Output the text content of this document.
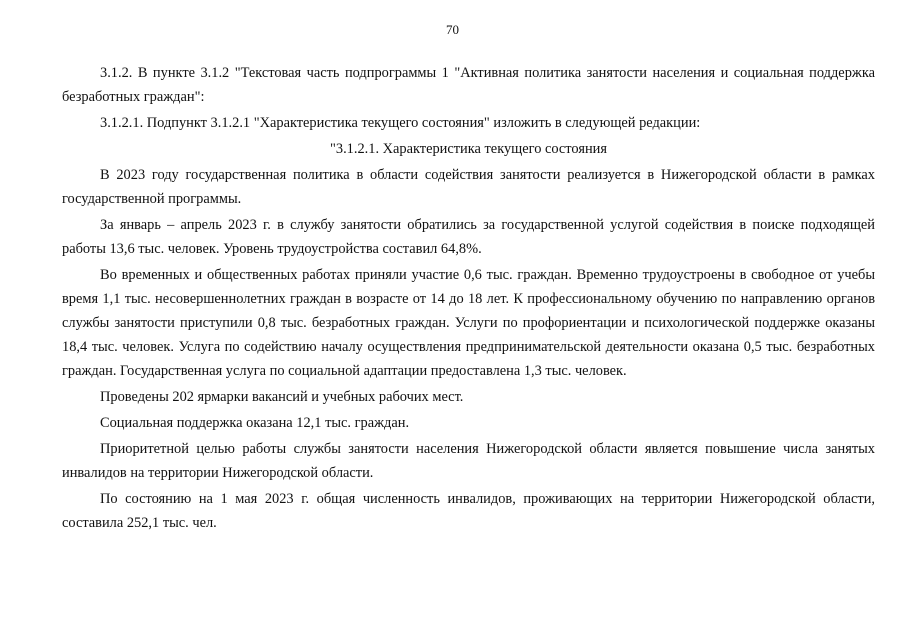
70

3.1.2. В пункте 3.1.2 "Текстовая часть подпрограммы 1 "Активная политика занятости населения и социальная поддержка безработных граждан":

3.1.2.1. Подпункт 3.1.2.1 "Характеристика текущего состояния" изложить в следующей редакции:

"3.1.2.1. Характеристика текущего состояния

В 2023 году государственная политика в области содействия занятости реализуется в Нижегородской области в рамках государственной программы.

За январь – апрель 2023 г. в службу занятости обратились за государственной услугой содействия в поиске подходящей работы 13,6 тыс. человек. Уровень трудоустройства составил 64,8%.

Во временных и общественных работах приняли участие 0,6 тыс. граждан. Временно трудоустроены в свободное от учебы время 1,1 тыс. несовершеннолетних граждан в возрасте от 14 до 18 лет. К профессиональному обучению по направлению органов службы занятости приступили 0,8 тыс. безработных граждан. Услуги по профориентации и психологической поддержке оказаны 18,4 тыс. человек. Услуга по содействию началу осуществления предпринимательской деятельности оказана 0,5 тыс. безработных граждан. Государственная услуга по социальной адаптации предоставлена 1,3 тыс. человек.

Проведены 202 ярмарки вакансий и учебных рабочих мест.

Социальная поддержка оказана 12,1 тыс. граждан.

Приоритетной целью работы службы занятости населения Нижегородской области является повышение числа занятых инвалидов на территории Нижегородской области.

По состоянию на 1 мая 2023 г. общая численность инвалидов, проживающих на территории Нижегородской области, составила 252,1 тыс. чел.
